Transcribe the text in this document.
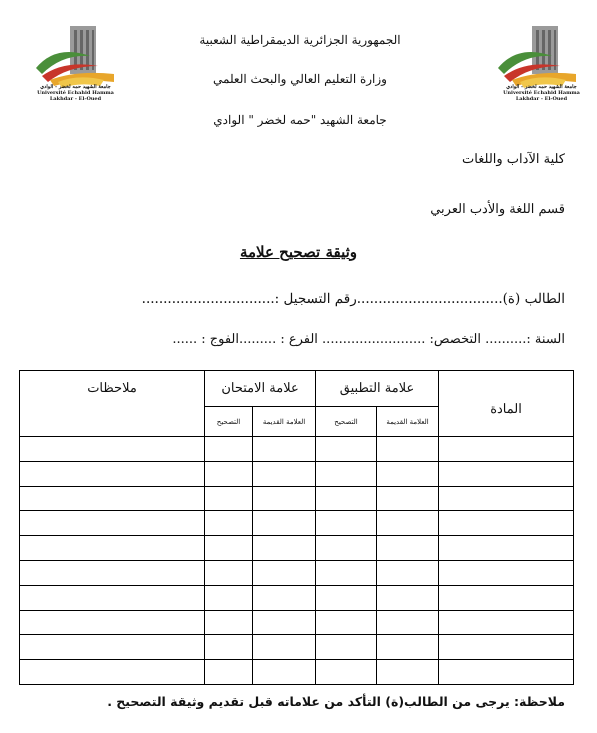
الجمهورية الجزائرية الديمقراطية الشعبية
وزارة التعليم العالي والبحث العلمي
جامعة الشهيد "حمه لخضر " الوادي
جامعة الشهيد حمه لخضر - الوادي
Université Echahid Hamma Lakhdar - El-Oued
جامعة الشهيد حمه لخضر - الوادي
Université Echahid Hamma Lakhdar - El-Oued
كلية الآداب واللغات
قسم اللغة والأدب العربي
وثيقة تصحيح علامة
الطالب (ة)..................................رقم التسجيل :...............................
السنة :.......... التخصص: ......................... الفرع : .........الفوج : ......
المادة	علامة التطبيق		علامة الامتحان		ملاحظات
	العلامة القديمة	التصحيح	العلامة القديمة	التصحيح	

ملاحظة: يرجى من الطالب(ة) التأكد من علاماته قبل تقديم وثيقة التصحيح .
